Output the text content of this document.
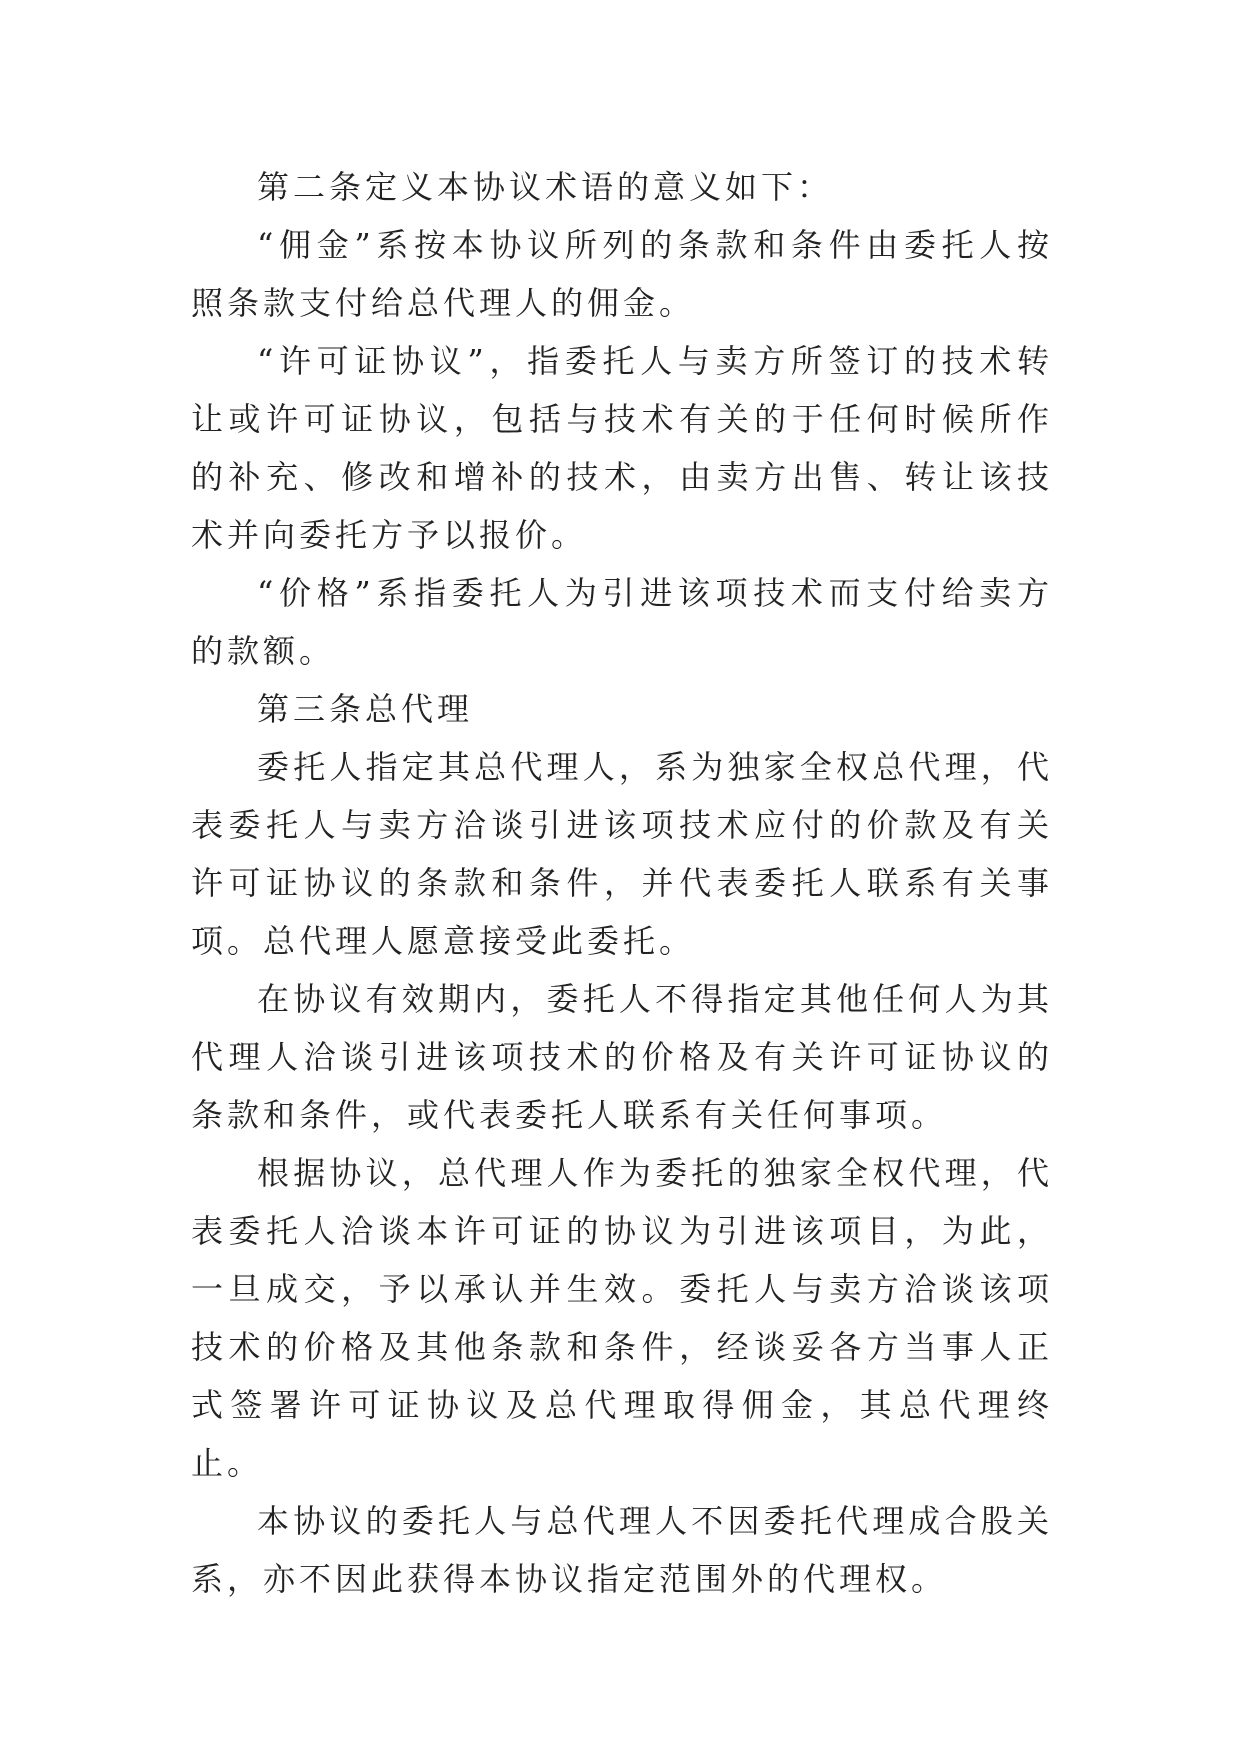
第二条定义本协议术语的意义如下：

“佣金”系按本协议所列的条款和条件由委托人按照条款支付给总代理人的佣金。

“许可证协议”，指委托人与卖方所签订的技术转让或许可证协议，包括与技术有关的于任何时候所作的补充、修改和增补的技术，由卖方出售、转让该技术并向委托方予以报价。

“价格”系指委托人为引进该项技术而支付给卖方的款额。

第三条总代理

委托人指定其总代理人，系为独家全权总代理，代表委托人与卖方洽谈引进该项技术应付的价款及有关许可证协议的条款和条件，并代表委托人联系有关事项。总代理人愿意接受此委托。

在协议有效期内，委托人不得指定其他任何人为其代理人洽谈引进该项技术的价格及有关许可证协议的条款和条件，或代表委托人联系有关任何事项。

根据协议，总代理人作为委托的独家全权代理，代表委托人洽谈本许可证的协议为引进该项目，为此，一旦成交，予以承认并生效。委托人与卖方洽谈该项技术的价格及其他条款和条件，经谈妥各方当事人正式签署许可证协议及总代理取得佣金，其总代理终止。

本协议的委托人与总代理人不因委托代理成合股关系，亦不因此获得本协议指定范围外的代理权。
